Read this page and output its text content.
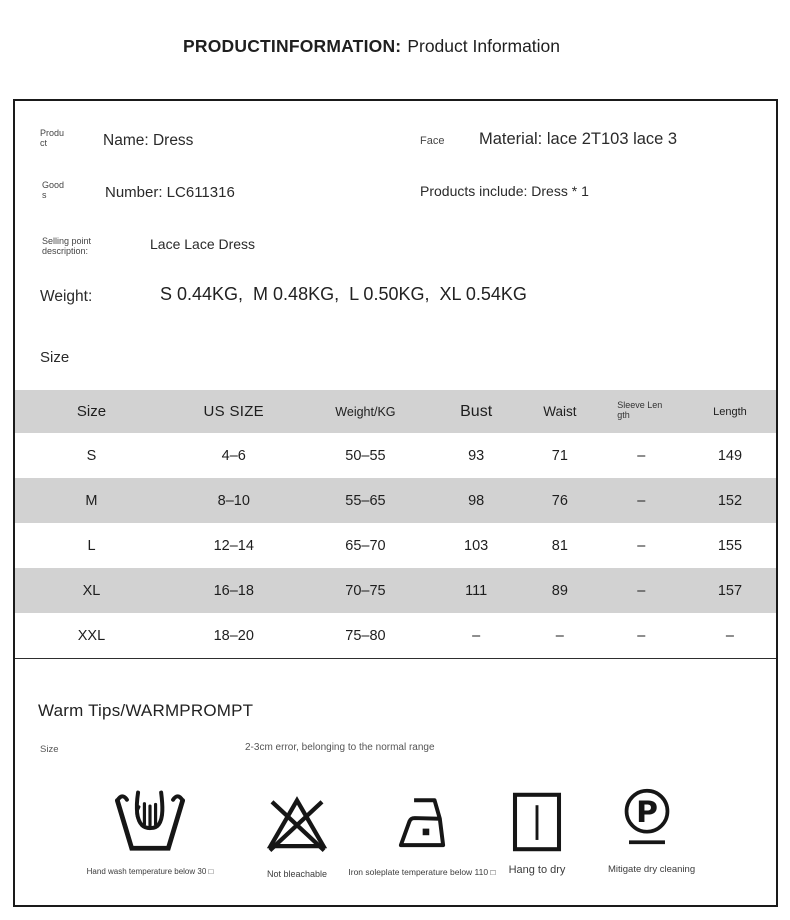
PRODUCTINFORMATION: Product Information
Product	Name: Dress	Face Material: lace 2T103 lace 3
Goods	Number: LC611316	Products include: Dress * 1
Selling point description:	Lace Lace Dress
Weight:	S 0.44KG,  M 0.48KG,  L 0.50KG,  XL 0.54KG
Size
Size	US SIZE	Weight/KG	Bust	Waist	Sleeve Length	Length
S	4–6	50–55	93	71	–	149
M	8–10	55–65	98	76	–	152
L	12–14	65–70	103	81	–	155
XL	16–18	70–75	111	89	–	157
XXL	18–20	75–80	–	–	–	–
Warm Tips/WARMPROMPT
Size	2-3cm error, belonging to the normal range
Hand wash temperature below 30 □	Not bleachable	Iron soleplate temperature below 110 □	Hang to dry
P
Mitigate dry cleaning
